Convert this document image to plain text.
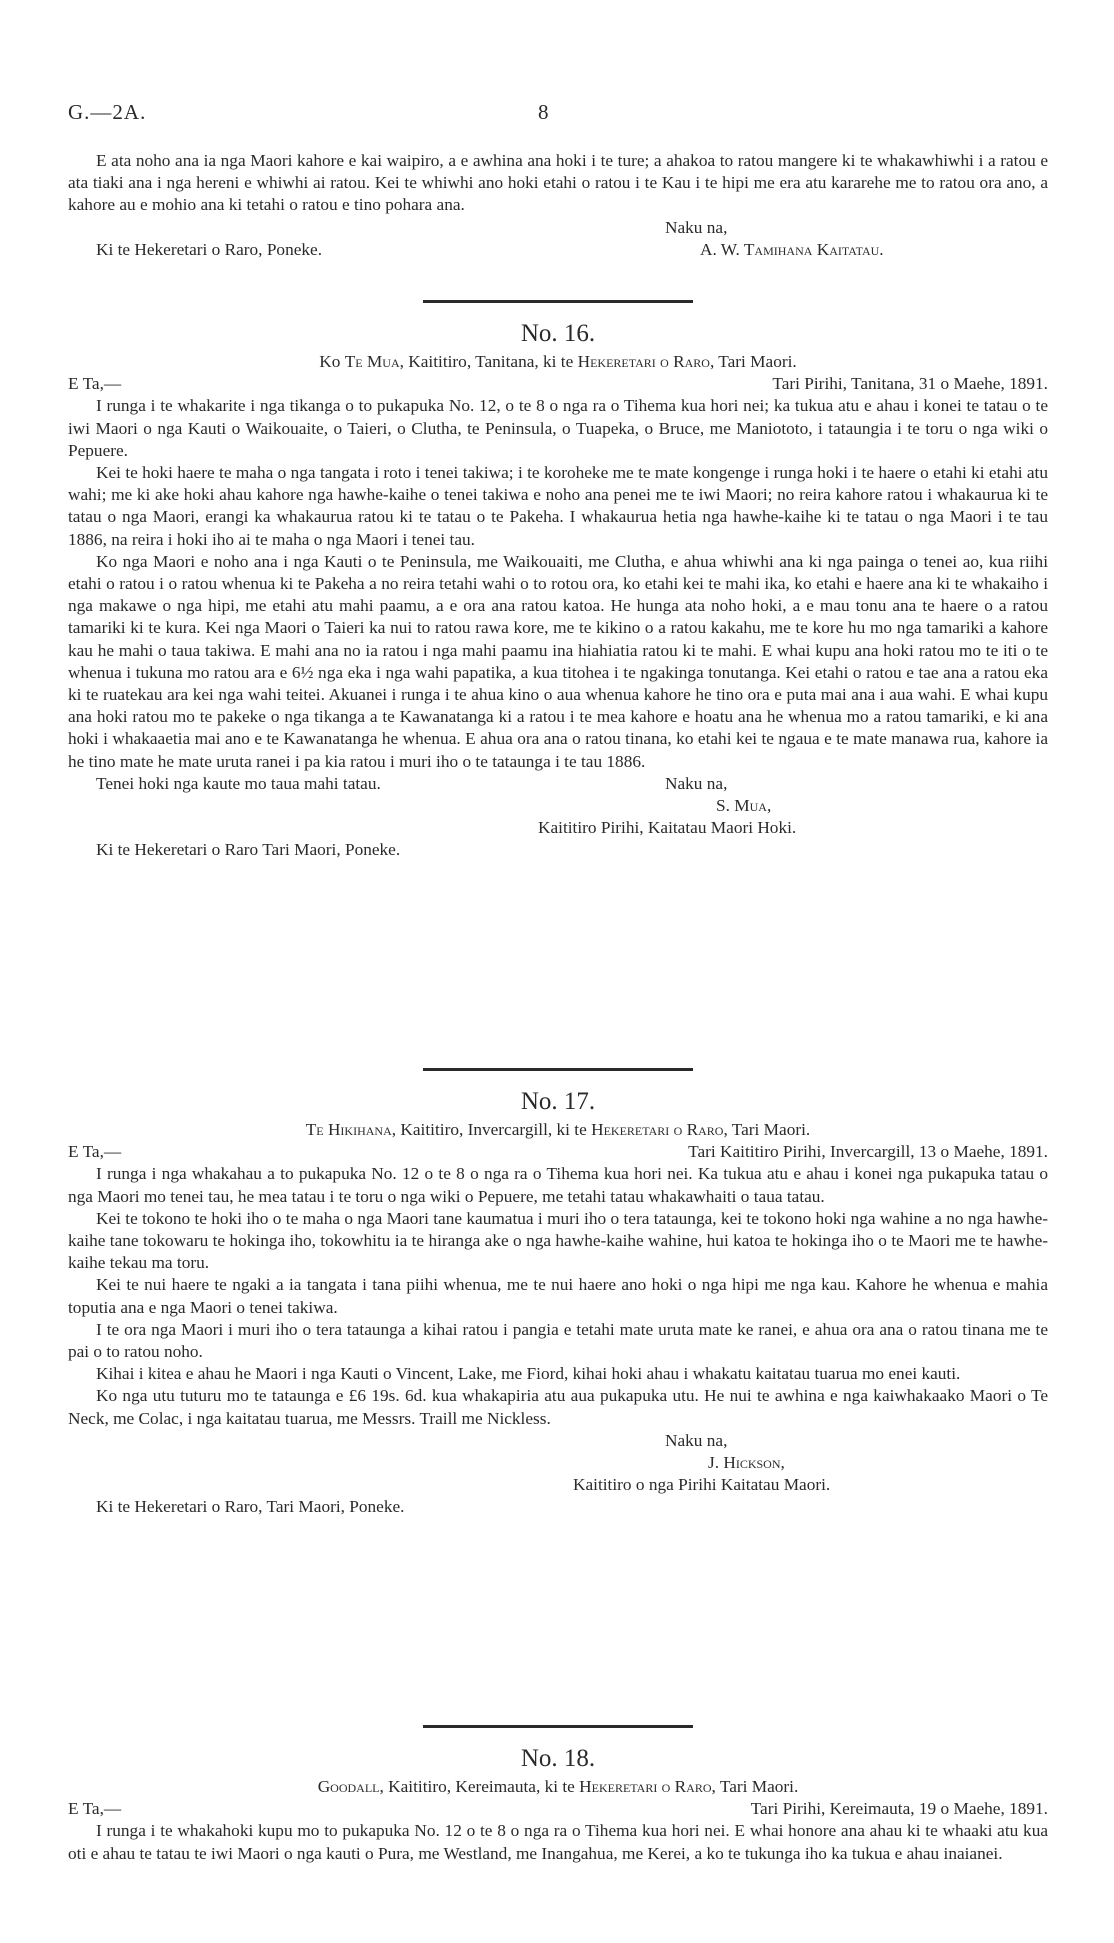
G.—2A.	8

E ata noho ana ia nga Maori kahore e kai waipiro, a e awhina ana hoki i te ture; a ahakoa to ratou mangere ki te whakawhiwhi i a ratou e ata tiaki ana i nga hereni e whiwhi ai ratou. Kei te whiwhi ano hoki etahi o ratou i te Kau i te hipi me era atu kararehe me to ratou ora ano, a kahore au e mohio ana ki tetahi o ratou e tino pohara ana.

Naku na,
Ki te Hekeretari o Raro, Poneke.	A. W. Tamihana Kaitatau.
No. 16.
Ko Te Mua, Kaititiro, Tanitana, ki te Hekeretari o Raro, Tari Maori.
E Ta,—	Tari Pirihi, Tanitana, 31 o Maehe, 1891.

I runga i te whakarite i nga tikanga o to pukapuka No. 12, o te 8 o nga ra o Tihema kua hori nei; ka tukua atu e ahau i konei te tatau o te iwi Maori o nga Kauti o Waikouaite, o Taieri, o Clutha, te Peninsula, o Tuapeka, o Bruce, me Maniototo, i tataungia i te toru o nga wiki o Pepuere.

Kei te hoki haere te maha o nga tangata i roto i tenei takiwa; i te koroheke me te mate kongenge i runga hoki i te haere o etahi ki etahi atu wahi; me ki ake hoki ahau kahore nga hawhe-kaihe o tenei takiwa e noho ana penei me te iwi Maori; no reira kahore ratou i whakaurua ki te tatau o nga Maori, erangi ka whakaurua ratou ki te tatau o te Pakeha. I whakaurua hetia nga hawhe-kaihe ki te tatau o nga Maori i te tau 1886, na reira i hoki iho ai te maha o nga Maori i tenei tau.

Ko nga Maori e noho ana i nga Kauti o te Peninsula, me Waikouaiti, me Clutha, e ahua whiwhi ana ki nga painga o tenei ao, kua riihi etahi o ratou i o ratou whenua ki te Pakeha a no reira tetahi wahi o to rotou ora, ko etahi kei te mahi ika, ko etahi e haere ana ki te whakaiho i nga makawe o nga hipi, me etahi atu mahi paamu, a e ora ana ratou katoa. He hunga ata noho hoki, a e mau tonu ana te haere o a ratou tamariki ki te kura. Kei nga Maori o Taieri ka nui to ratou rawa kore, me te kikino o a ratou kakahu, me te kore hu mo nga tamariki a kahore kau he mahi o taua takiwa. E mahi ana no ia ratou i nga mahi paamu ina hiahiatia ratou ki te mahi. E whai kupu ana hoki ratou mo te iti o te whenua i tukuna mo ratou ara e 6½ nga eka i nga wahi papatika, a kua titohea i te ngakinga tonutanga. Kei etahi o ratou e tae ana a ratou eka ki te ruatekau ara kei nga wahi teitei. Akuanei i runga i te ahua kino o aua whenua kahore he tino ora e puta mai ana i aua wahi. E whai kupu ana hoki ratou mo te pakeke o nga tikanga a te Kawanatanga ki a ratou i te mea kahore e hoatu ana he whenua mo a ratou tamariki, e ki ana hoki i whakaaetia mai ano e te Kawanatanga he whenua. E ahua ora ana o ratou tinana, ko etahi kei te ngaua e te mate manawa rua, kahore ia he tino mate he mate uruta ranei i pa kia ratou i muri iho o te tataunga i te tau 1886.

Tenei hoki nga kaute mo taua mahi tatau.	Naku na,
S. Mua,
Kaititiro Pirihi, Kaitatau Maori Hoki.
Ki te Hekeretari o Raro Tari Maori, Poneke.
No. 17.
Te Hikihana, Kaititiro, Invercargill, ki te Hekeretari o Raro, Tari Maori.
E Ta,—	Tari Kaititiro Pirihi, Invercargill, 13 o Maehe, 1891.

I runga i nga whakahau a to pukapuka No. 12 o te 8 o nga ra o Tihema kua hori nei. Ka tukua atu e ahau i konei nga pukapuka tatau o nga Maori mo tenei tau, he mea tatau i te toru o nga wiki o Pepuere, me tetahi tatau whakawhaiti o taua tatau.

Kei te tokono te hoki iho o te maha o nga Maori tane kaumatua i muri iho o tera tataunga, kei te tokono hoki nga wahine a no nga hawhe-kaihe tane tokowaru te hokinga iho, tokowhitu ia te hiranga ake o nga hawhe-kaihe wahine, hui katoa te hokinga iho o te Maori me te hawhe-kaihe tekau ma toru.

Kei te nui haere te ngaki a ia tangata i tana piihi whenua, me te nui haere ano hoki o nga hipi me nga kau. Kahore he whenua e mahia toputia ana e nga Maori o tenei takiwa.

I te ora nga Maori i muri iho o tera tataunga a kihai ratou i pangia e tetahi mate uruta mate ke ranei, e ahua ora ana o ratou tinana me te pai o to ratou noho.

Kihai i kitea e ahau he Maori i nga Kauti o Vincent, Lake, me Fiord, kihai hoki ahau i whakatu kaitatau tuarua mo enei kauti.

Ko nga utu tuturu mo te tataunga e £6 19s. 6d. kua whakapiria atu aua pukapuka utu. He nui te awhina e nga kaiwhakaako Maori o Te Neck, me Colac, i nga kaitatau tuarua, me Messrs. Traill me Nickless.

Naku na,
J. Hickson,
Kaititiro o nga Pirihi Kaitatau Maori.
Ki te Hekeretari o Raro, Tari Maori, Poneke.
No. 18.
Goodall, Kaititiro, Kereimauta, ki te Hekeretari o Raro, Tari Maori.
E Ta,—	Tari Pirihi, Kereimauta, 19 o Maehe, 1891.

I runga i te whakahoki kupu mo to pukapuka No. 12 o te 8 o nga ra o Tihema kua hori nei. E whai honore ana ahau ki te whaaki atu kua oti e ahau te tatau te iwi Maori o nga kauti o Pura, me Westland, me Inangahua, me Kerei, a ko te tukunga iho ka tukua e ahau inaianei.
